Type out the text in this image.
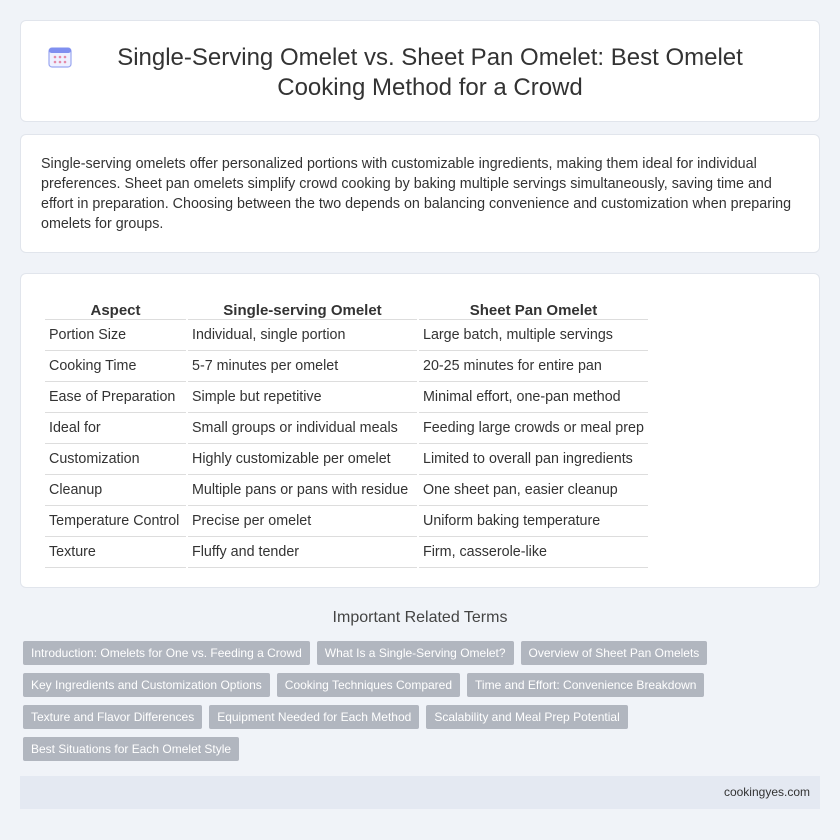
Single-Serving Omelet vs. Sheet Pan Omelet: Best Omelet Cooking Method for a Crowd

Single-serving omelets offer personalized portions with customizable ingredients, making them ideal for individual preferences. Sheet pan omelets simplify crowd cooking by baking multiple servings simultaneously, saving time and effort in preparation. Choosing between the two depends on balancing convenience and customization when preparing omelets for groups.

Aspect	Single-serving Omelet	Sheet Pan Omelet
Portion Size	Individual, single portion	Large batch, multiple servings
Cooking Time	5-7 minutes per omelet	20-25 minutes for entire pan
Ease of Preparation	Simple but repetitive	Minimal effort, one-pan method
Ideal for	Small groups or individual meals	Feeding large crowds or meal prep
Customization	Highly customizable per omelet	Limited to overall pan ingredients
Cleanup	Multiple pans or pans with residue	One sheet pan, easier cleanup
Temperature Control	Precise per omelet	Uniform baking temperature
Texture	Fluffy and tender	Firm, casserole-like
Important Related Terms
Introduction: Omelets for One vs. Feeding a Crowd	What Is a Single-Serving Omelet?	Overview of Sheet Pan Omelets
Key Ingredients and Customization Options	Cooking Techniques Compared	Time and Effort: Convenience Breakdown
Texture and Flavor Differences	Equipment Needed for Each Method	Scalability and Meal Prep Potential
Best Situations for Each Omelet Style
cookingyes.com
